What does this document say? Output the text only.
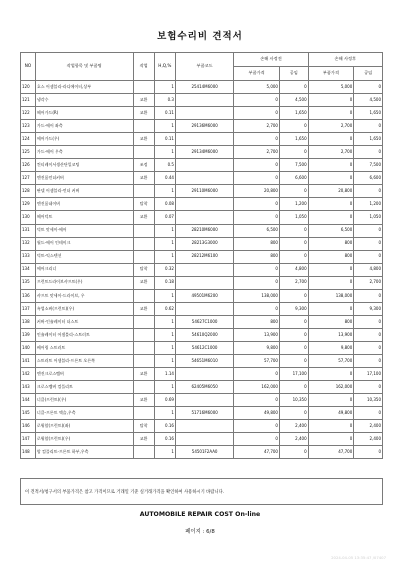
보험수리비 견적서
NO	작업항목 및 부품명	작업	H,Q,%	부품코드	손해 사정전		손해 사정후	
					부품가격	공임	부품가격	공임
120	호스 어셈블리-라디에이터,상부		1	25414M6000	5,000	0	5,000	0
121	냉각수	교환	0.3		0	4,500	0	4,500
122	헤어가드(R)	교환	0.11		0	1,650	0	1,650
123	가드-에어 좌측		1	29136M6000	2,700	0	2,700	0
124	에어가드(우)	교환	0.11		0	1,650	0	1,650
125	가드-에어 우측		1	29134M6000	2,700	0	2,700	0
126	컨티레이서생산단일코팅	조정	0.5		0	7,500	0	7,500
127	엔진룸언더커버	교환	0.44		0	6,600	0	6,600
128	판넬 어셈블리-언더 커버		1	29110M6000	20,800	0	20,800	0
129	엔진룸네이버	탈착	0.08		0	1,200	0	1,200
130	헤어덕트	교환	0.07		0	1,050	0	1,050
131	덕트 앗세이-에어		1	28210M6000	6,500	0	6,500	0
132	월드-에어 인테이크		1	28213G3000	800	0	800	0
133	덕트-익스텐션		1	28212M6100	800	0	800	0
134	에어크리너	탈착	0.32		0	4,800	0	4,800
135	프런트드라이브샤프트(우)	교환	0.18		0	2,700	0	2,700
136	샤프트 앗세이-드라이브, 우		1	49501M6200	138,000	0	138,000	0
137	쇽업소버(프런트)(우)	교환	0.62		0	9,300	0	9,300
138	커버-인슐레이터 더스트		1	54627C1000	800	0	800	0
139	인슐레이터 어셈블리-스트러트		1	54610Q2000	13,900	0	13,900	0
140	베어링 스트러트		1	54612C1000	9,800	0	9,800	0
141	스트러트 어셈블리-프론트 오른쪽		1	54651M6010	57,700	0	57,700	0
142	엔진크로스멤버	교환	1.14		0	17,100	0	17,100
143	크로스멤버 컴플리트		1	62405M6050	162,000	0	162,000	0
144	너클(프런트)(우)	교환	0.69		0	10,350	0	10,350
145	너클-프론트 액슬,우측		1	51716M6000	49,800	0	49,800	0
146	로워암(프런트)(좌)	탈착	0.16		0	2,400	0	2,400
147	로워암(프런트)(우)	교환	0.16		0	2,400	0	2,400
148	암 컴플리트-프론트 하부,우측		1	54501F2AA0	47,700	0	47,700	0
이 견적서/청구서의 부품가격은 참고 가격이므로 거래일 기준 실거래가격을 확인하여 사용하시기 바랍니다.
AUTOMOBILE REPAIR COST On-line
페이지 : 6/8
2024-04-05 13:35:47 /07407
